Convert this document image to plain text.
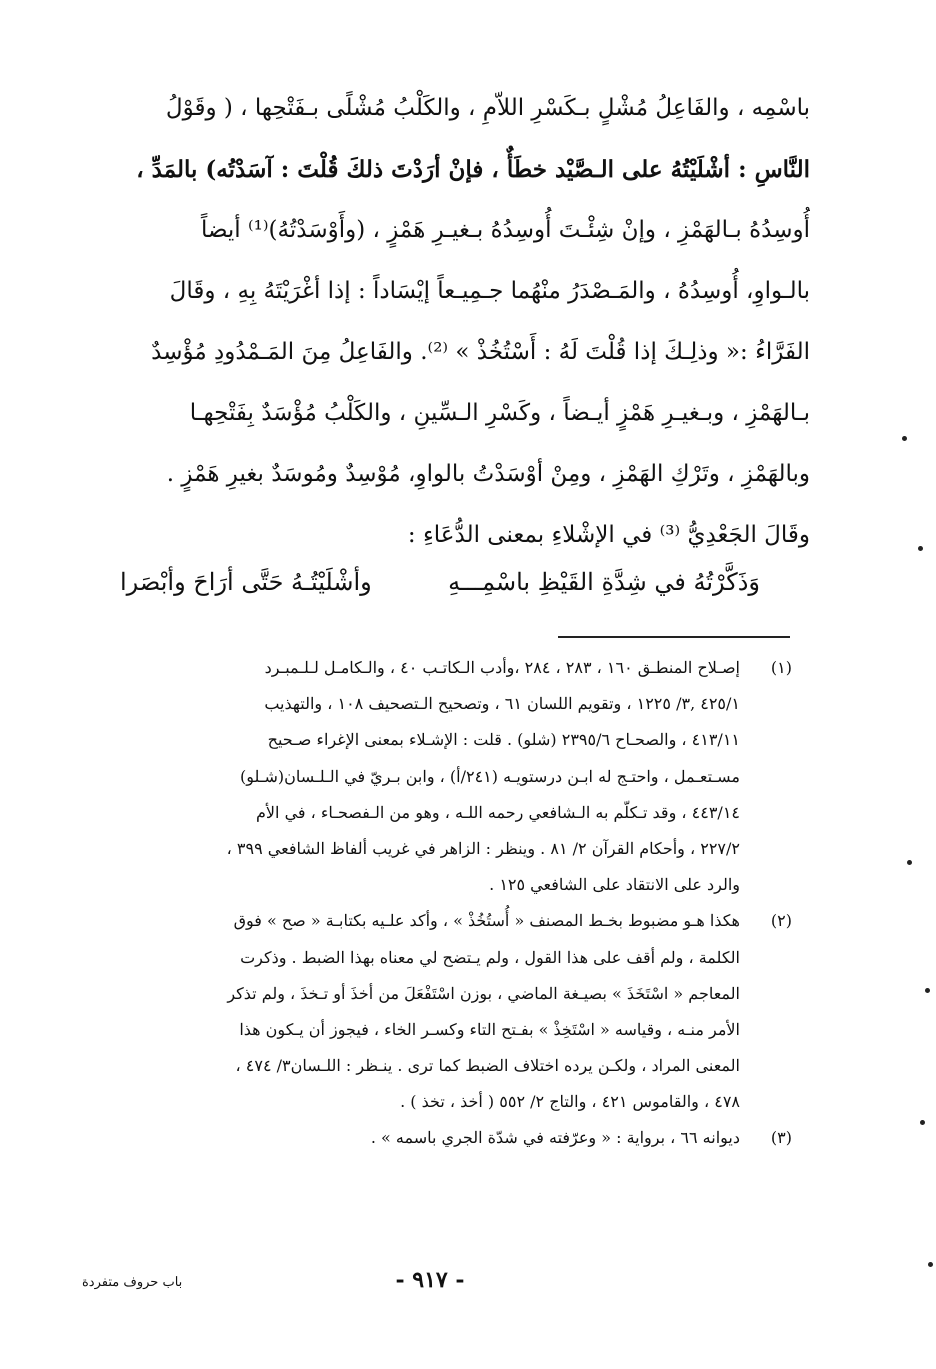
باسْمِه ، والفَاعِلُ مُشْلٍ بـكَسْرِ اللاّمِ ، والكَلْبُ مُشْلًى بـفَتْحِها ، ( وقَوْلُ
النَّاسِ : أشْلَيْتُهُ على الـصَّيْد خطَأٌ ، فإنْ أرَدْتَ ذلكَ قُلْتَ : آسَدْتُه) بالمَدِّ ،
أُوسِدُهُ بـالهَمْزِ ، وإنْ شِئْـتَ أُوسِدُهُ بـغيـرِ هَمْزٍ ، (وأَوْسَدْتُهُ)⁽¹⁾ أيضاً
بالـواوِ، أُوسِدُهُ ، والمَـصْدَرُ منْهُما جـمِيـعاً إيْسَاداً : إذا أغْرَيْتَهُ بِهِ ، وقَالَ
الفَرَّاءُ :« وذلِـكَ إذا قُلْتَ لَهُ : أَسْتُخُذْ » ⁽²⁾. والفَاعِلُ مِنَ المَـمْدُودِ مُؤْسِدٌ
بـالهَمْزِ ، وبـغيـرِ هَمْزٍ أيـضاً ، وكَسْرِ الـسِّينِ ، والكَلْبُ مُؤْسَدٌ بِفَتْحِهـا
وبالهَمْزِ ، وتَرْكِ الهَمْزِ ، ومِنْ أوْسَدْتُ بالواوِ، مُوْسِدٌ ومُوسَدٌ بغيرِ هَمْزٍ .
وقَالَ الجَعْدِيُّ ⁽³⁾ في الإشْلاءِ بمعنى الدُّعَاءِ :
وَذَكَّرْتُهُ في شِدَّةِ القَيْظِ باسْمِـــهِ
وأشْلَيْتُـهُ حَتَّى أرَاحَ وأبْصَرا
(١)
إصـلاح المنطـق ١٦٠ ، ٢٨٣ ، ٢٨٤ ،وأدب الـكاتـب ٤٠ ، والـكامـل لـلـمبـرد
٤٢٥/١ ,٣/ ١٢٢٥ ، وتقويم اللسان ٦١ ، وتصحيح الـتصحيف ١٠٨ ، والتهذيب
٤١٣/١١ ، والصحـاح ٢٣٩٥/٦ (شلو) . قلت : الإشـلاء بمعنى الإغراء صـحيح
مسـتعـمل ، واحتـج له ابـن درستويـه (٢٤١/أ) ، وابن بـريّ في الـلـسان(شـلو)
٤٤٣/١٤ ، وقد تـكلّم به الـشافعي رحمه اللـه ، وهو من الـفصحـاء ، في الأم
٢٢٧/٢ ، وأحكام القرآن ٢/ ٨١ . وينظر : الزاهر في غريب ألفاظ الشافعي ٣٩٩ ،
والرد على الانتقاد على الشافعي ١٢٥ .
(٢)
هكذا هـو مضبوط بخـط المصنف « أُستُخُذْ » ، وأكد علـيه بكتابـة « صح » فوق
الكلمة ، ولم أقف على هذا القول ، ولم يـتضح لي معناه بهذا الضبط . وذكرت
المعاجم « اسْتَخَذَ » بصيـغة الماضي ، بوزن اسْتَفْعَلَ من أخذَ أو تـخذَ ، ولم تذكر
الأمر منـه ، وقياسه « اسْتَخِذْ » بفـتح التاء وكسـر الخاء ، فيجوز أن يـكون هذا
المعنى المراد ، ولكـن يرده اختلاف الضبط كما ترى . ينـظر : اللـسان٣/ ٤٧٤ ،
٤٧٨ ، والقاموس ٤٢١ ، والتاج ٢/ ٥٥٢ ( أخذ ، تخذ ) .
(٣)
ديوانه ٦٦ ، برواية : « وعرّفته في شدّة الجري باسمه » .
- ٩١٧ -
باب حروف متفردة
